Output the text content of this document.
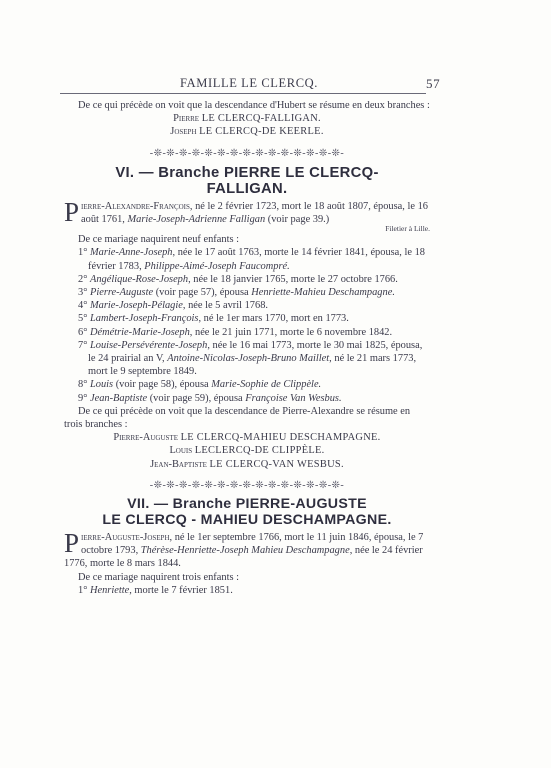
FAMILLE LE CLERCQ.	57

De ce qui précède on voit que la descendance d'Hubert se résume en deux branches :

Pierre LE CLERCQ-FALLIGAN.

Joseph LE CLERCQ-DE KEERLE.

-❊-❊-❊-❊-❊-❊-❊-❊-❊-❊-❊-❊-❊-❊-❊-
VI. — Branche PIERRE LE CLERCQ-
FALLIGAN.

Pierre-Alexandre-François, né le 2 février 1723, mort le 18 août 1807, épousa, le 16 août 1761, Marie-Joseph-Adrienne Falligan (voir page 39.)

Filetier à Lille.

De ce mariage naquirent neuf enfants :

1° Marie-Anne-Joseph, née le 17 août 1763, morte le 14 février 1841, épousa, le 18 février 1783, Philippe-Aimé-Joseph Faucompré.

2° Angélique-Rose-Joseph, née le 18 janvier 1765, morte le 27 octobre 1766.

3° Pierre-Auguste (voir page 57), épousa Henriette-Mahieu Deschampagne.

4° Marie-Joseph-Pélagie, née le 5 avril 1768.

5° Lambert-Joseph-François, né le 1er mars 1770, mort en 1773.

6° Démétrie-Marie-Joseph, née le 21 juin 1771, morte le 6 novembre 1842.

7° Louise-Persévérente-Joseph, née le 16 mai 1773, morte le 30 mai 1825, épousa, le 24 prairial an V, Antoine-Nicolas-Joseph-Bruno Maillet, né le 21 mars 1773, mort le 9 septembre 1849.

8° Louis (voir page 58), épousa Marie-Sophie de Clippèle.

9° Jean-Baptiste (voir page 59), épousa Françoise Van Wesbus.

De ce qui précède on voit que la descendance de Pierre-Alexandre se résume en trois branches :

Pierre-Auguste LE CLERCQ-MAHIEU DESCHAMPAGNE.

Louis LECLERCQ-DE CLIPPÈLE.

Jean-Baptiste LE CLERCQ-VAN WESBUS.

-❊-❊-❊-❊-❊-❊-❊-❊-❊-❊-❊-❊-❊-❊-❊-
VII. — Branche PIERRE-AUGUSTE
LE CLERCQ - MAHIEU DESCHAMPAGNE.

Pierre-Auguste-Joseph, né le 1er septembre 1766, mort le 11 juin 1846, épousa, le 7 octobre 1793, Thérèse-Henriette-Joseph Mahieu Deschampagne, née le 24 février 1776, morte le 8 mars 1844.

De ce mariage naquirent trois enfants :

1° Henriette, morte le 7 février 1851.
